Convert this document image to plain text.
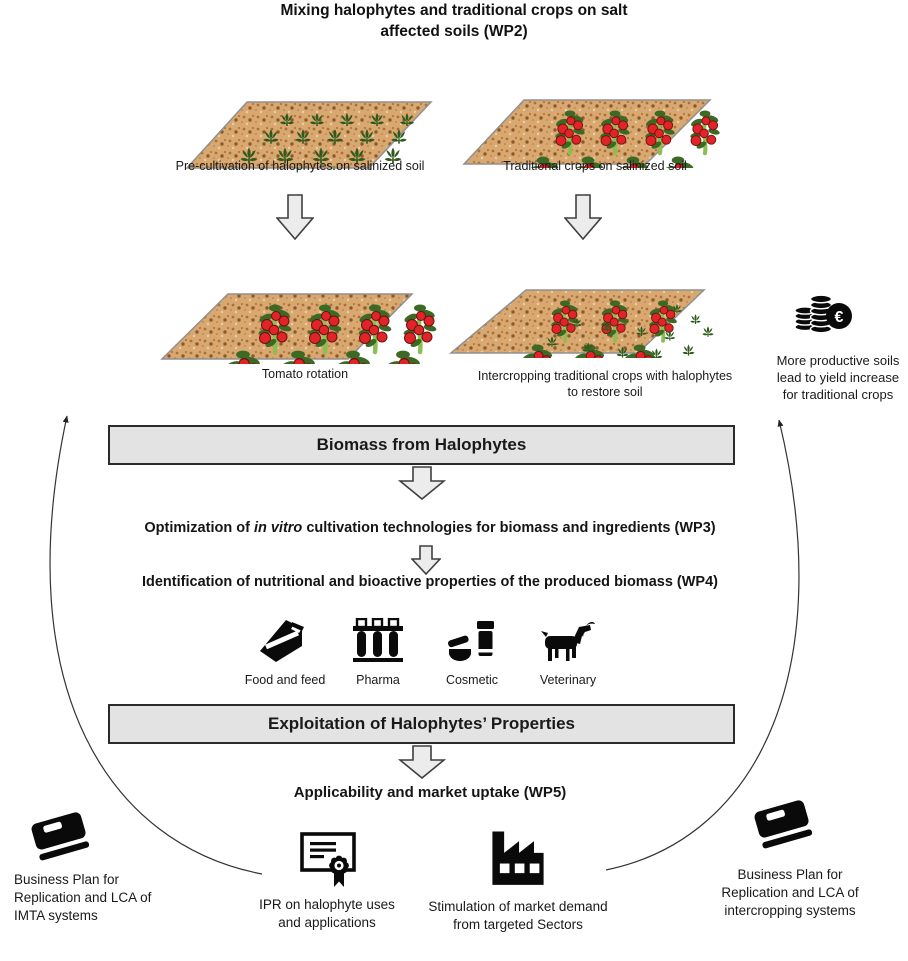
Mixing halophytes and traditional crops on salt
affected soils (WP2)
Pre-cultivation of halophytes on salinized soil	Traditional crops on salinized soil
Tomato rotation	Intercropping traditional crops with halophytes
to restore soil
€
More productive soils
lead to yield increase
for traditional crops
Biomass from Halophytes
Optimization of in vitro cultivation technologies for biomass and ingredients (WP3)
Identification of nutritional and bioactive properties of the produced biomass (WP4)
Food and feed	Pharma	Cosmetic	Veterinary
Exploitation of Halophytes’ Properties
Applicability and market uptake (WP5)
Business Plan for
Replication and LCA of
IMTA systems
IPR on halophyte uses
and applications
Stimulation of market demand
from targeted Sectors
Business Plan for
Replication and LCA of
intercropping systems
